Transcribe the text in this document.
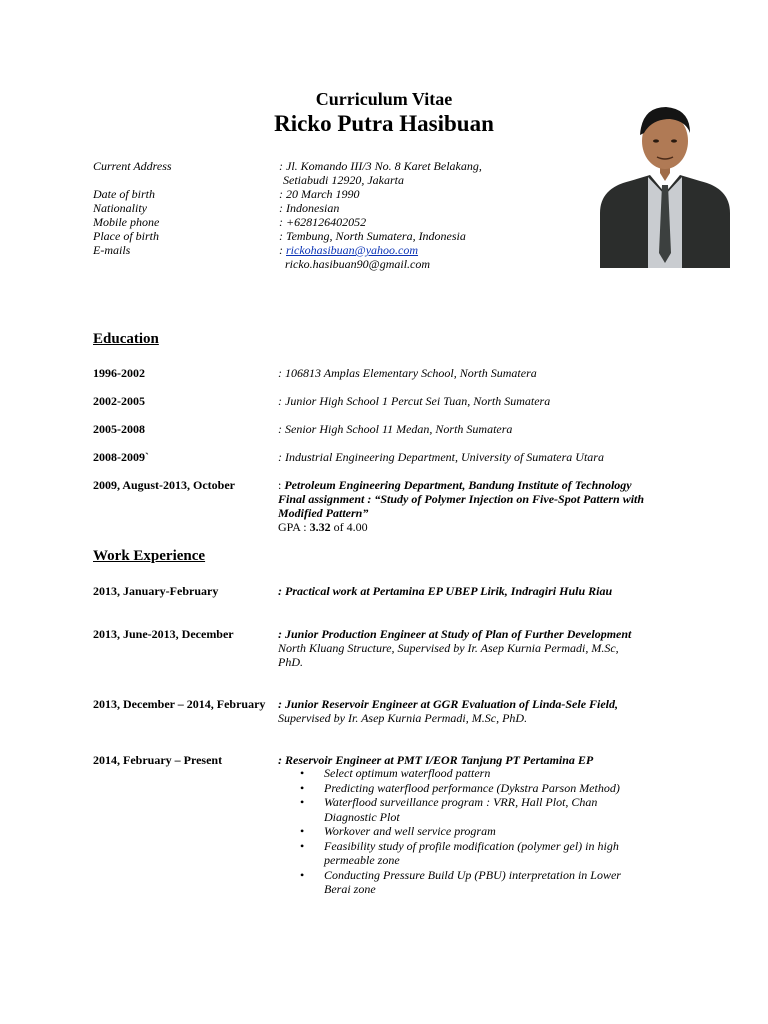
Curriculum Vitae
Ricko Putra Hasibuan
Current Address	: Jl. Komando III/3 No. 8 Karet Belakang,
Setiabudi 12920, Jakarta
Date of birth	: 20 March 1990
Nationality	: Indonesian
Mobile phone	: +628126402052
Place of birth	: Tembung, North Sumatera, Indonesia
E-mails	: rickohasibuan@yahoo.com
ricko.hasibuan90@gmail.com
Education
1996-2002	: 106813 Amplas Elementary School, North Sumatera
2002-2005	: Junior High School 1 Percut Sei Tuan, North Sumatera
2005-2008	: Senior High School 11 Medan, North Sumatera
2008-2009`	: Industrial Engineering Department, University of Sumatera Utara
2009, August-2013, October	: Petroleum Engineering Department, Bandung Institute of Technology
Final assignment : “Study of Polymer Injection on Five-Spot Pattern with
Modified Pattern”
GPA : 3.32 of 4.00
Work Experience
2013, January-February	: Practical work at Pertamina EP UBEP Lirik, Indragiri Hulu Riau
2013, June-2013, December	: Junior Production Engineer at Study of Plan of Further Development
North Kluang Structure, Supervised by Ir. Asep Kurnia Permadi, M.Sc,
PhD.
2013, December – 2014, February : Junior Reservoir Engineer at GGR Evaluation of Linda-Sele Field,
Supervised by Ir. Asep Kurnia Permadi, M.Sc, PhD.
2014, February – Present	: Reservoir Engineer at PMT I/EOR Tanjung PT Pertamina EP
• Select optimum waterflood pattern
• Predicting waterflood performance (Dykstra Parson Method)
• Waterflood surveillance program : VRR, Hall Plot, Chan
Diagnostic Plot
• Workover and well service program
• Feasibility study of profile modification (polymer gel) in high
permeable zone
• Conducting Pressure Build Up (PBU) interpretation in Lower
Berai zone
